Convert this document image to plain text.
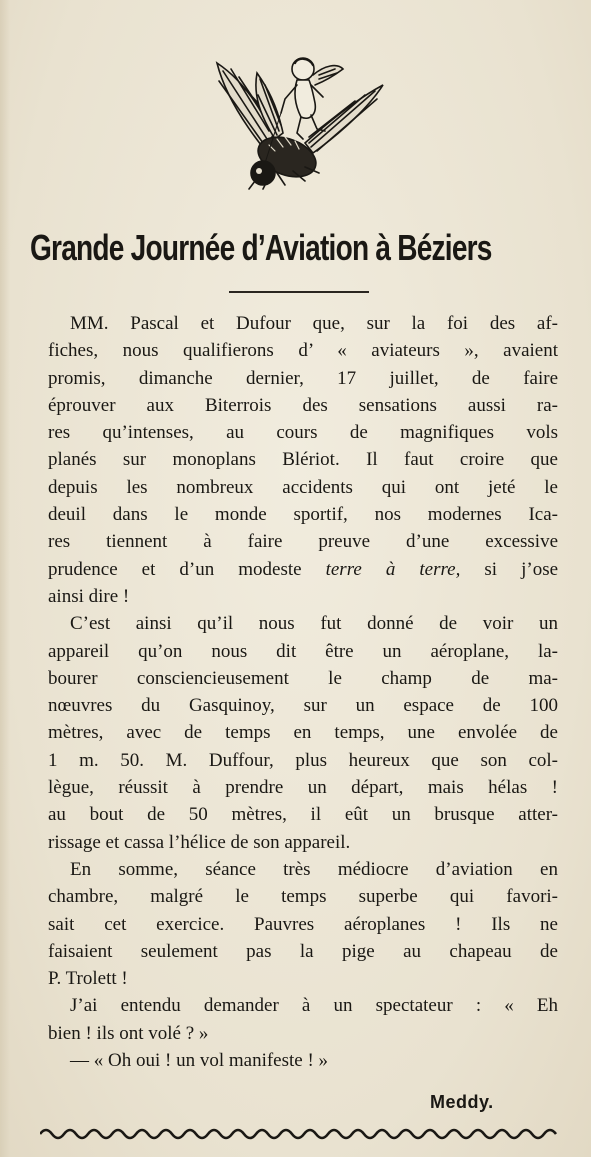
Grande Journée d’Aviation à Béziers
MM. Pascal et Dufour que, sur la foi des af-
fiches, nous qualifierons d’ « aviateurs », avaient
promis, dimanche dernier, 17 juillet, de faire
éprouver aux Biterrois des sensations aussi ra-
res qu’intenses, au cours de magnifiques vols
planés sur monoplans Blériot. Il faut croire que
depuis les nombreux accidents qui ont jeté le
deuil dans le monde sportif, nos modernes Ica-
res tiennent à faire preuve d’une excessive
prudence et d’un modeste terre à terre, si j’ose
ainsi dire !
C’est ainsi qu’il nous fut donné de voir un
appareil qu’on nous dit être un aéroplane, la-
bourer consciencieusement le champ de ma-
nœuvres du Gasquinoy, sur un espace de 100
mètres, avec de temps en temps, une envolée de
1 m. 50. M. Duffour, plus heureux que son col-
lègue, réussit à prendre un départ, mais hélas !
au bout de 50 mètres, il eût un brusque atter-
rissage et cassa l’hélice de son appareil.
En somme, séance très médiocre d’aviation en
chambre, malgré le temps superbe qui favori-
sait cet exercice. Pauvres aéroplanes ! Ils ne
faisaient seulement pas la pige au chapeau de
P. Trolett !
J’ai entendu demander à un spectateur : « Eh
bien ! ils ont volé ? »
— « Oh oui ! un vol manifeste ! »
Meddy.
